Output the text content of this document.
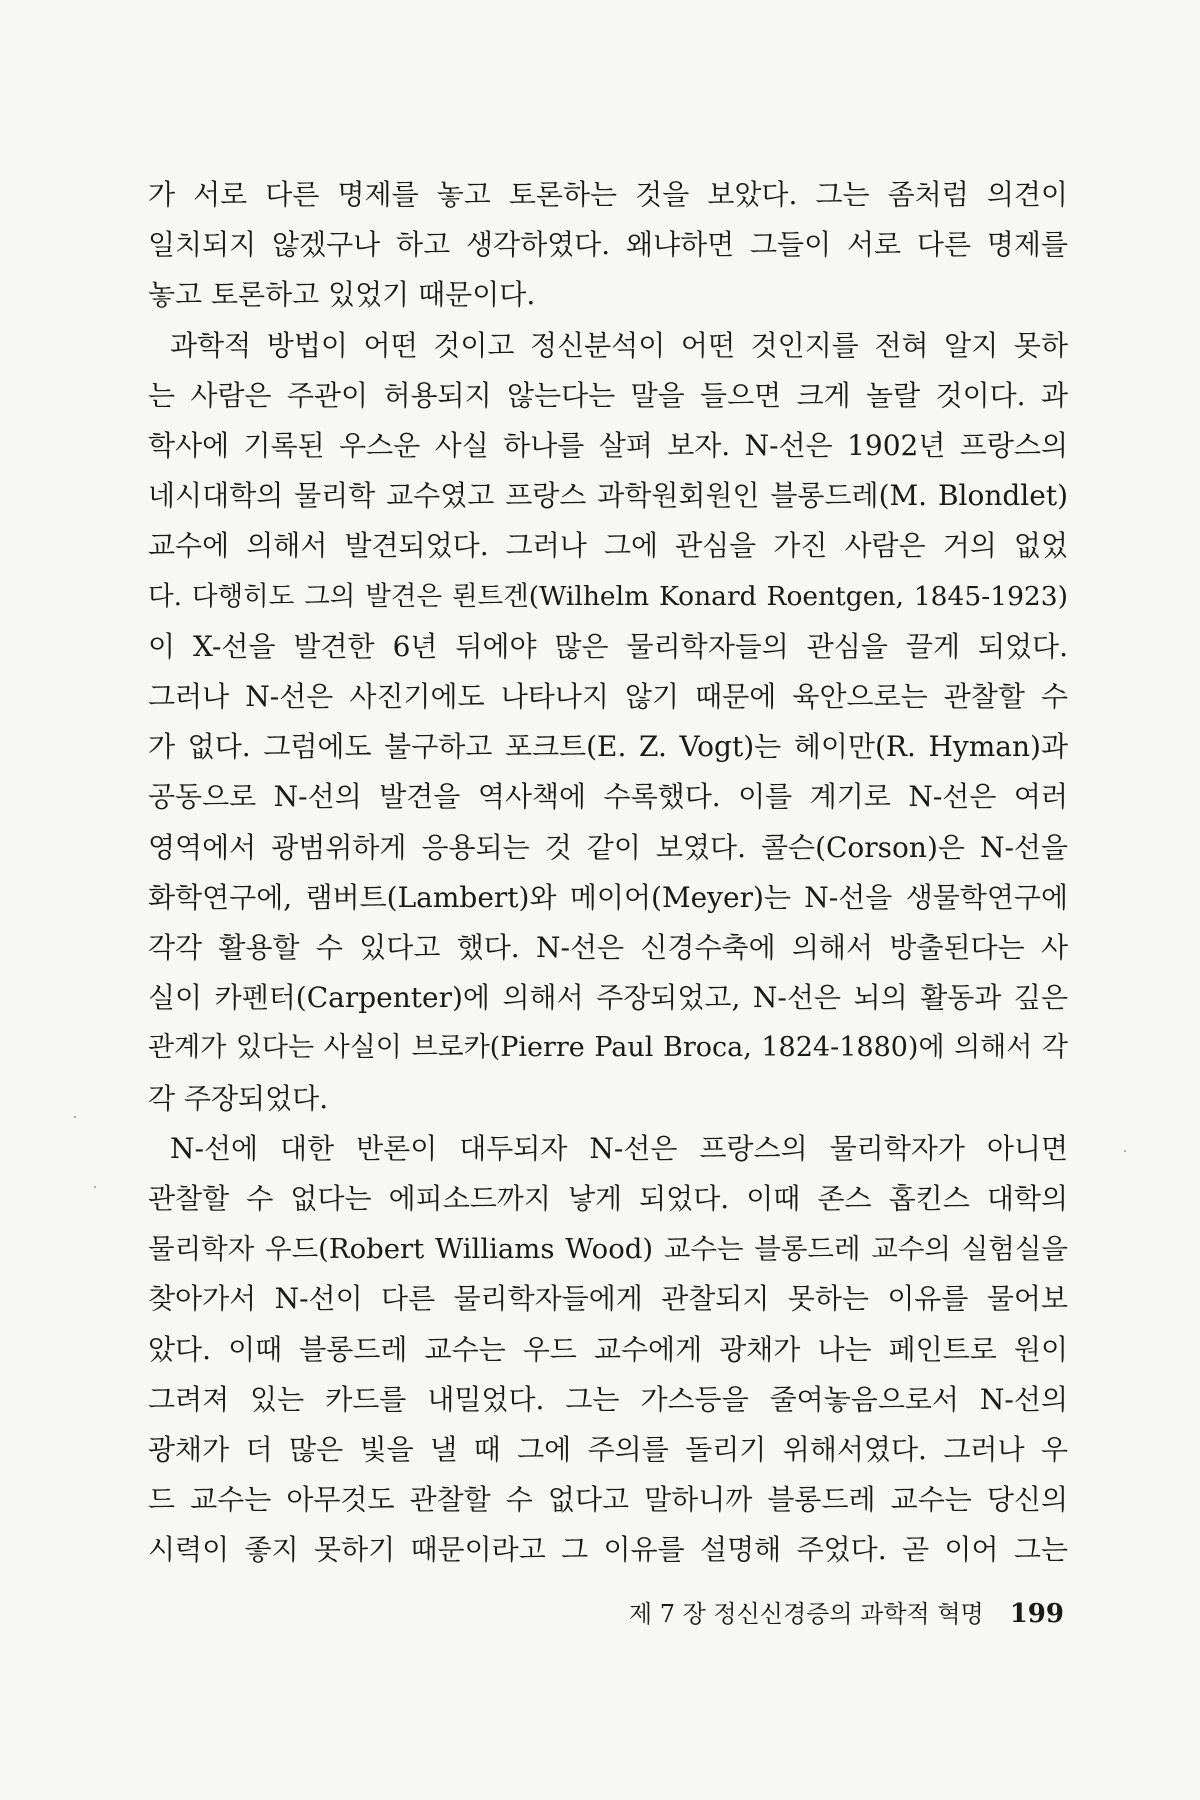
가 서로 다른 명제를 놓고 토론하는 것을 보았다. 그는 좀처럼 의견이
일치되지 않겠구나 하고 생각하였다. 왜냐하면 그들이 서로 다른 명제를
놓고 토론하고 있었기 때문이다.
과학적 방법이 어떤 것이고 정신분석이 어떤 것인지를 전혀 알지 못하
는 사람은 주관이 허용되지 않는다는 말을 들으면 크게 놀랄 것이다. 과
학사에 기록된 우스운 사실 하나를 살펴 보자. N-선은 1902년 프랑스의
네시대학의 물리학 교수였고 프랑스 과학원회원인 블롱드레(M. Blondlet)
교수에 의해서 발견되었다. 그러나 그에 관심을 가진 사람은 거의 없었
다. 다행히도 그의 발견은 뢴트겐(Wilhelm Konard Roentgen, 1845-1923)
이 X-선을 발견한 6년 뒤에야 많은 물리학자들의 관심을 끌게 되었다.
그러나 N-선은 사진기에도 나타나지 않기 때문에 육안으로는 관찰할 수
가 없다. 그럼에도 불구하고 포크트(E. Z. Vogt)는 헤이만(R. Hyman)과
공동으로 N-선의 발견을 역사책에 수록했다. 이를 계기로 N-선은 여러
영역에서 광범위하게 응용되는 것 같이 보였다. 콜슨(Corson)은 N-선을
화학연구에, 램버트(Lambert)와 메이어(Meyer)는 N-선을 생물학연구에
각각 활용할 수 있다고 했다. N-선은 신경수축에 의해서 방출된다는 사
실이 카펜터(Carpenter)에 의해서 주장되었고, N-선은 뇌의 활동과 깊은
관계가 있다는 사실이 브로카(Pierre Paul Broca, 1824-1880)에 의해서 각
각 주장되었다.
N-선에 대한 반론이 대두되자 N-선은 프랑스의 물리학자가 아니면
관찰할 수 없다는 에피소드까지 낳게 되었다. 이때 존스 홉킨스 대학의
물리학자 우드(Robert Williams Wood) 교수는 블롱드레 교수의 실험실을
찾아가서 N-선이 다른 물리학자들에게 관찰되지 못하는 이유를 물어보
았다. 이때 블롱드레 교수는 우드 교수에게 광채가 나는 페인트로 원이
그려져 있는 카드를 내밀었다. 그는 가스등을 줄여놓음으로서 N-선의
광채가 더 많은 빛을 낼 때 그에 주의를 돌리기 위해서였다. 그러나 우
드 교수는 아무것도 관찰할 수 없다고 말하니까 블롱드레 교수는 당신의
시력이 좋지 못하기 때문이라고 그 이유를 설명해 주었다. 곧 이어 그는
제 7 장 정신신경증의 과학적 혁명 199
